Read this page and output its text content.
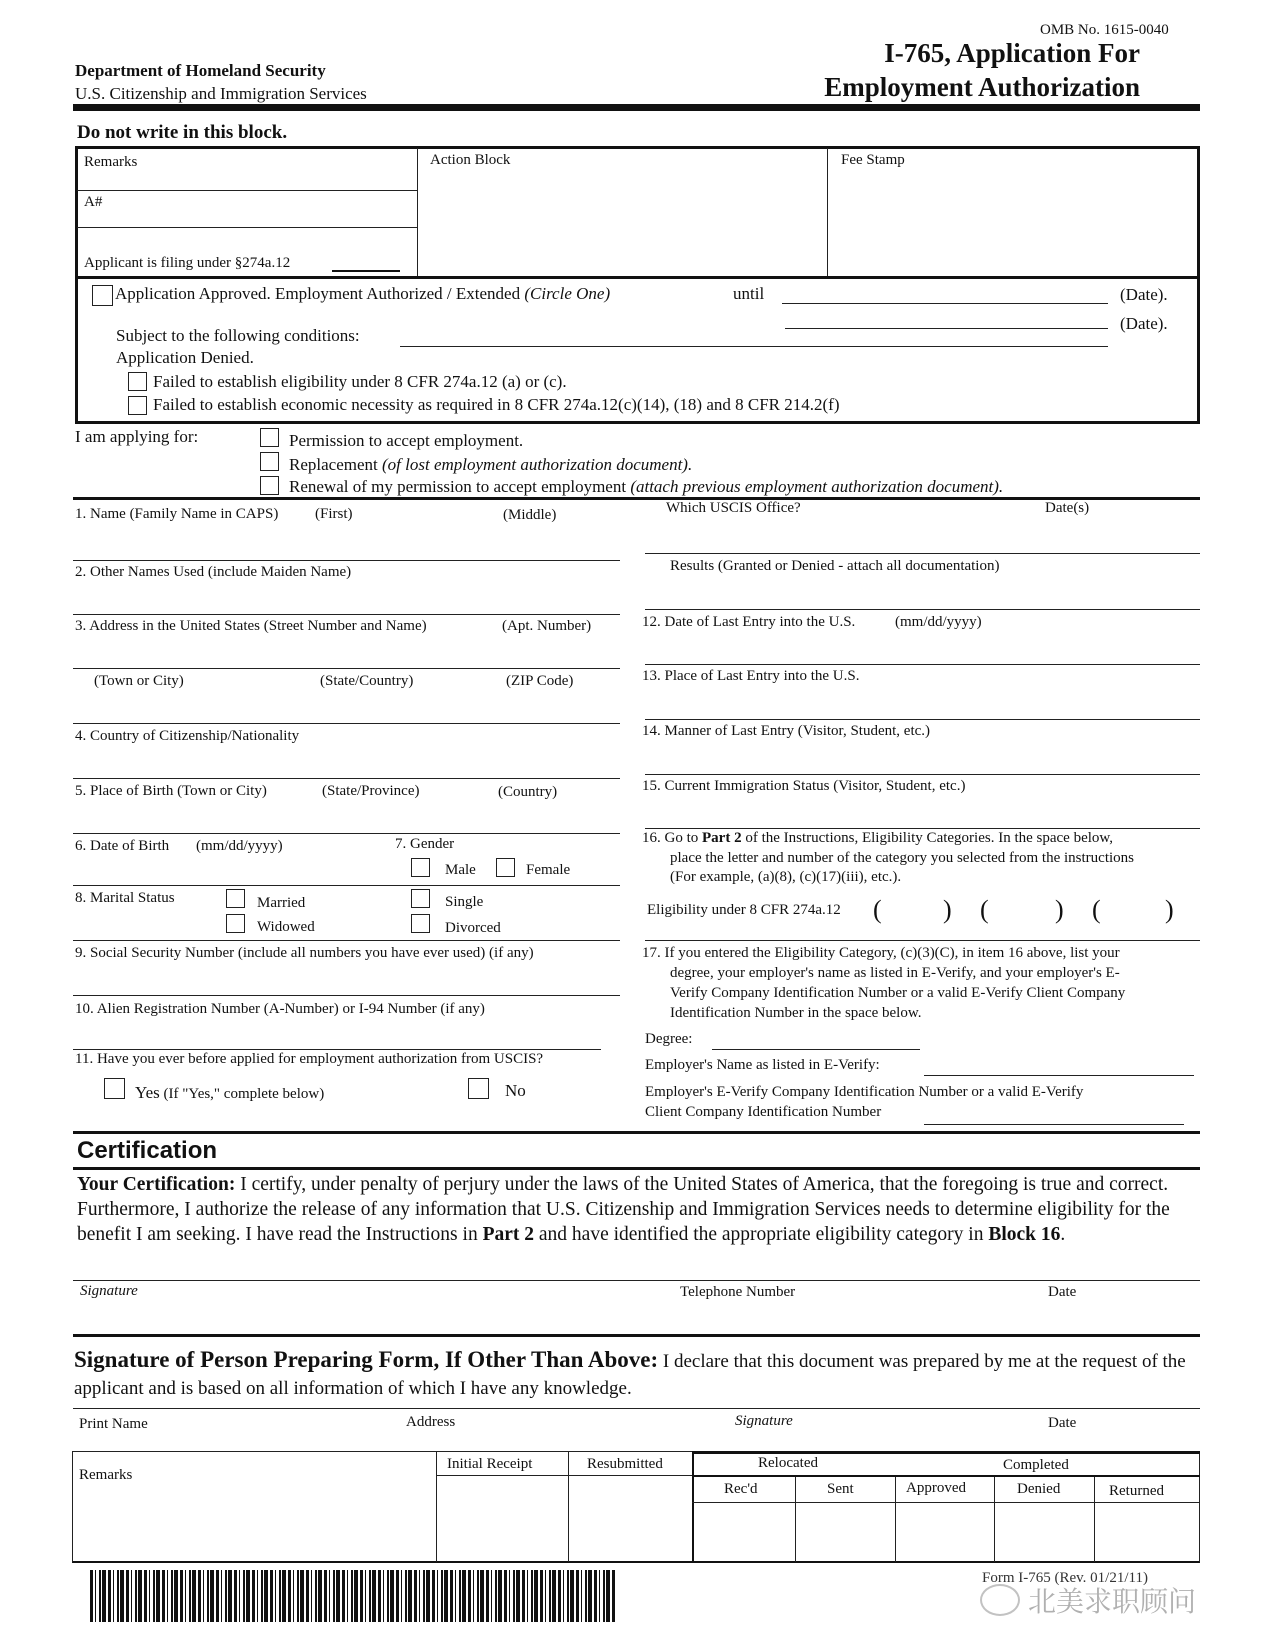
OMB No. 1615-0040
I-765, Application For
Employment Authorization
Department of Homeland Security
U.S. Citizenship and Immigration Services
Do not write in this block.
Remarks
A#
Applicant is filing under §274a.12
Action Block	Fee Stamp
Application Approved. Employment Authorized / Extended (Circle One)	until	(Date).
(Date).
Subject to the following conditions:
Application Denied.
Failed to establish eligibility under 8 CFR 274a.12 (a) or (c).
Failed to establish economic necessity as required in 8 CFR 274a.12(c)(14), (18) and 8 CFR 214.2(f)
I am applying for:	Permission to accept employment.
Replacement (of lost employment authorization document).
Renewal of my permission to accept employment (attach previous employment authorization document).
1. Name (Family Name in CAPS) (First)	(Middle)
2. Other Names Used (include Maiden Name)
3. Address in the United States (Street Number and Name)	(Apt. Number)
(Town or City)	(State/Country)	(ZIP Code)
4. Country of Citizenship/Nationality
5. Place of Birth (Town or City)	(State/Province)	(Country)
6. Date of Birth (mm/dd/yyyy)	7. Gender
Male	Female
8. Marital Status	Married	Single
Widowed	Divorced
9. Social Security Number (include all numbers you have ever used) (if any)
10. Alien Registration Number (A-Number) or I-94 Number (if any)
11. Have you ever before applied for employment authorization from USCIS?
Yes (If "Yes," complete below)	No
Which USCIS Office?	Date(s)
Results (Granted or Denied - attach all documentation)
12. Date of Last Entry into the U.S.	(mm/dd/yyyy)
13. Place of Last Entry into the U.S.
14. Manner of Last Entry (Visitor, Student, etc.)
15. Current Immigration Status (Visitor, Student, etc.)
16. Go to Part 2 of the Instructions, Eligibility Categories. In the space below,
place the letter and number of the category you selected from the instructions
(For example, (a)(8), (c)(17)(iii), etc.).
Eligibility under 8 CFR 274a.12 ( ) (	) ( )
17. If you entered the Eligibility Category, (c)(3)(C), in item 16 above, list your
degree, your employer's name as listed in E-Verify, and your employer's E-
Verify Company Identification Number or a valid E-Verify Client Company
Identification Number in the space below.
Degree:
Employer's Name as listed in E-Verify:
Employer's E-Verify Company Identification Number or a valid E-Verify
Client Company Identification Number
Certification
Your Certification: I certify, under penalty of perjury under the laws of the United States of America, that the foregoing is true and correct. Furthermore, I authorize the release of any information that U.S. Citizenship and Immigration Services needs to determine eligibility for the benefit I am seeking. I have read the Instructions in Part 2 and have identified the appropriate eligibility category in Block 16.
Signature	Telephone Number	Date
Signature of Person Preparing Form, If Other Than Above: I declare that this document was prepared by me at the request of the applicant and is based on all information of which I have any knowledge.
Print Name	Address	Signature	Date
Remarks
Initial Receipt	Resubmitted	Relocated	Completed
Rec'd	Sent	Approved	Denied	Returned
Form I-765 (Rev. 01/21/11)
北美求职顾问
